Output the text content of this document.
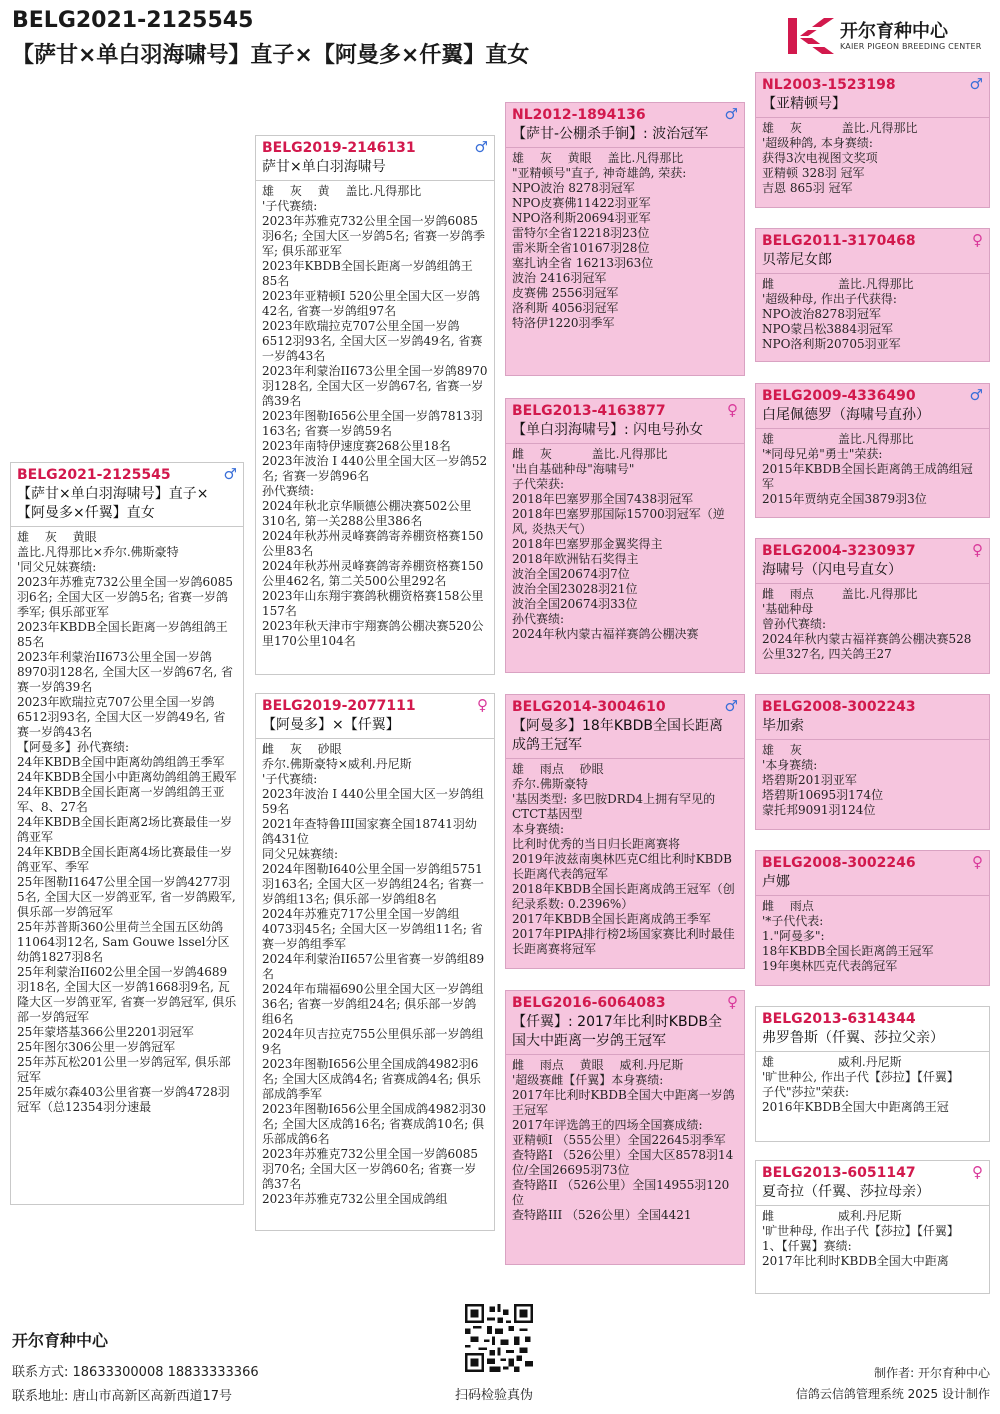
BELG2021-2125545
【萨甘×单白羽海啸号】直子×【阿曼多×仟翼】直女
开尔育种中心
KAIER PIGEON BREEDING CENTER
BELG2021-2125545
【萨甘×单白羽海啸号】直子×【阿曼多×仟翼】直女
♂
雄　 灰　 黄眼
盖比.凡得那比×乔尔.佛斯豪特
'同父兄妹赛绩:
2023年苏雅克732公里全国一岁鸽6085羽6名; 全国大区一岁鸽5名; 省赛一岁鸽季军; 俱乐部亚军
2023年KBDB全国长距离一岁鸽组鸽王85名
2023年利蒙治II673公里全国一岁鸽8970羽128名, 全国大区一岁鸽67名, 省赛一岁鸽39名
2023年欧瑞拉克707公里全国一岁鸽6512羽93名, 全国大区一岁鸽49名, 省赛一岁鸽43名
【阿曼多】孙代赛绩:
24年KBDB全国中距离幼鸽组鸽王季军
24年KBDB全国小中距离幼鸽组鸽王殿军
24年KBDB全国长距离一岁鸽组鸽王亚军、8、27名
24年KBDB全国长距离2场比赛最佳一岁鸽亚军
24年KBDB全国长距离4场比赛最佳一岁鸽亚军、季军
25年图勒I1647公里全国一岁鸽4277羽5名, 全国大区一岁鸽亚军, 省一岁鸽殿军, 俱乐部一岁鸽冠军
25年苏普斯360公里荷兰全国五区幼鸽11064羽12名, Sam Gouwe lssel分区幼鸽1827羽8名
25年利蒙治II602公里全国一岁鸽4689羽18名, 全国大区一岁鸽1668羽9名, 瓦隆大区一岁鸽亚军, 省赛一岁鸽冠军, 俱乐部一岁鸽冠军
25年蒙塔基366公里2201羽冠军
25年图尔306公里一岁鸽冠军
25年苏瓦松201公里一岁鸽冠军, 俱乐部冠军
25年威尔森403公里省赛一岁鸽4728羽冠军（总12354羽分速最
BELG2019-2146131
萨甘×单白羽海啸号
♂
雄　 灰　 黄　 盖比.凡得那比
'子代赛绩:
2023年苏雅克732公里全国一岁鸽6085羽6名; 全国大区一岁鸽5名; 省赛一岁鸽季军; 俱乐部亚军
2023年KBDB全国长距离一岁鸽组鸽王85名
2023年亚精顿I 520公里全国大区一岁鸽42名, 省赛一岁鸽组97名
2023年欧瑞拉克707公里全国一岁鸽6512羽93名, 全国大区一岁鸽49名, 省赛一岁鸽43名
2023年利蒙治II673公里全国一岁鸽8970羽128名, 全国大区一岁鸽67名, 省赛一岁鸽39名
2023年图勒I656公里全国一岁鸽7813羽163名; 省赛一岁鸽59名
2023年南特伊速度赛268公里18名
2023年波治 I 440公里全国大区一岁鸽52名; 省赛一岁鸽96名
孙代赛绩:
2024年秋北京华顺德公棚决赛502公里310名, 第一关288公里386名
2024年秋苏州灵峰赛鸽寄养棚资格赛150公里83名
2024年秋苏州灵峰赛鸽寄养棚资格赛150公里462名, 第二关500公里292名
2023年山东翔宇赛鸽秋棚资格赛158公里157名
2023年秋天津市宇翔赛鸽公棚决赛520公里170公里104名
BELG2019-2077111
【阿曼多】×【仟翼】
♀
雌　 灰　 砂眼
乔尔.佛斯豪特×威利.丹尼斯
'子代赛绩:
2023年波治 I 440公里全国大区一岁鸽组59名
2021年查特鲁III国家赛全国18741羽幼鸽431位
同父兄妹赛绩:
2024年图勒I640公里全国一岁鸽组5751羽163名; 全国大区一岁鸽组24名; 省赛一岁鸽组13名; 俱乐部一岁鸽组8名
2024年苏雅克717公里全国一岁鸽组4073羽45名; 全国大区一岁鸽组11名; 省赛一岁鸽组季军
2024年利蒙治II657公里省赛一岁鸽组89名
2024年布瑞福690公里全国大区一岁鸽组36名; 省赛一岁鸽组24名; 俱乐部一岁鸽组6名
2024年贝吉拉克755公里俱乐部一岁鸽组9名
2023年图勒I656公里全国成鸽4982羽6名; 全国大区成鸽4名; 省赛成鸽4名; 俱乐部成鸽季军
2023年图勒I656公里全国成鸽4982羽30名; 全国大区成鸽16名; 省赛成鸽10名; 俱乐部成鸽6名
2023年苏雅克732公里全国一岁鸽6085羽70名; 全国大区一岁鸽60名; 省赛一岁鸽37名
2023年苏雅克732公里全国成鸽组
NL2012-1894136
【萨甘-公棚杀手锏】: 波治冠军
♂
雄　 灰　 黄眼　 盖比.凡得那比
"亚精顿号"直子, 神奇雄鸽, 荣获:
NPO波治 8278羽冠军
NPO皮赛佛11422羽亚军
NPO洛利斯20694羽亚军
雷特尔全省12218羽23位
雷米斯全省10167羽28位
塞扎讷全省 16213羽63位
波治 2416羽冠军
皮赛佛 2556羽冠军
洛利斯 4056羽冠军
特洛伊1220羽季军
BELG2013-4163877
【单白羽海啸号】: 闪电号孙女
♀
雌　 灰　　　 盖比.凡得那比
'出自基础种母"海啸号"
子代荣获:
2018年巴塞罗那全国7438羽冠军
2018年巴塞罗那国际15700羽冠军（逆风, 炎热天气）
2018年巴塞罗那金翼奖得主
2018年欧洲钻石奖得主
波治全国20674羽7位
波治全国23028羽21位
波治全国20674羽33位
孙代赛绩:
2024年秋内蒙古福祥赛鸽公棚决赛
BELG2014-3004610
【阿曼多】18年KBDB全国长距离成鸽王冠军
♂
雄　 雨点　 砂眼
乔尔.佛斯豪特
'基因类型: 多巴胺DRD4上拥有罕见的CTCT基因型
本身赛绩:
比利时优秀的当日归长距离赛将
2019年波兹南奥林匹克C组比利时KBDB长距离代表鸽冠军
2018年KBDB全国长距离成鸽王冠军（创纪录系数: 0.2396%）
2017年KBDB全国长距离成鸽王季军
2017年PIPA排行榜2场国家赛比利时最佳长距离赛将冠军
BELG2016-6064083
【仟翼】: 2017年比利时KBDB全国大中距离一岁鸽王冠军
♀
雌　 雨点　 黄眼　 威利.丹尼斯
'超级赛雌【仟翼】本身赛绩:
2017年比利时KBDB全国大中距离一岁鸽王冠军
2017年评选鸽王的四场全国赛成绩:
亚精顿I （555公里）全国22645羽季军
查特路I （526公里）全国大区8578羽14位/全国26695羽73位
查特路II （526公里）全国14955羽120位
查特路III （526公里）全国4421
NL2003-1523198
【亚精顿号】
♂
雄　 灰　　　 盖比.凡得那比
'超级种鸽, 本身赛绩:
获得3次电视图文奖项
亚精顿 328羽 冠军
吉恩 865羽 冠军
BELG2011-3170468
贝蒂尼女郎
♀
雌　　　　　 盖比.凡得那比
'超级种母, 作出子代获得:
NPO波治8278羽冠军
NPO蒙吕松3884羽冠军
NPO洛利斯20705羽亚军
BELG2009-4336490
白尾佩德罗（海啸号直孙）
♂
雄　　　　　 盖比.凡得那比
'*同母兄弟"勇士"荣获:
2015年KBDB全国长距离鸽王成鸽组冠军
2015年贾纳克全国3879羽3位
BELG2004-3230937
海啸号（闪电号直女）
♀
雌　 雨点　　 盖比.凡得那比
'基础种母
曾孙代赛绩:
2024年秋内蒙古福祥赛鸽公棚决赛528公里327名, 四关鸽王27
BELG2008-3002243
毕加索
雄　 灰
'本身赛绩:
塔碧斯201羽亚军
塔碧斯10695羽174位
蒙托邦9091羽124位
BELG2008-3002246
卢娜
♀
雌　 雨点
'*子代代表:
1."阿曼多":
18年KBDB全国长距离鸽王冠军
19年奥林匹克代表鸽冠军
BELG2013-6314344
弗罗鲁斯（仟翼、莎拉父亲）
雄　　　　　 威利.丹尼斯
'旷世种公, 作出子代【莎拉】【仟翼】
子代"莎拉"荣获:
2016年KBDB全国大中距离鸽王冠
BELG2013-6051147
夏奇拉（仟翼、莎拉母亲）
♀
雌　　　　　 威利.丹尼斯
'旷世种母, 作出子代【莎拉】【仟翼】
1、【仟翼】赛绩:
2017年比利时KBDB全国大中距离
开尔育种中心
联系方式: 18633300008 18833333366
联系地址: 唐山市高新区高新西道17号	扫码检验真伪
制作者: 开尔育种中心
信鸽云信鸽管理系统 2025 设计制作
